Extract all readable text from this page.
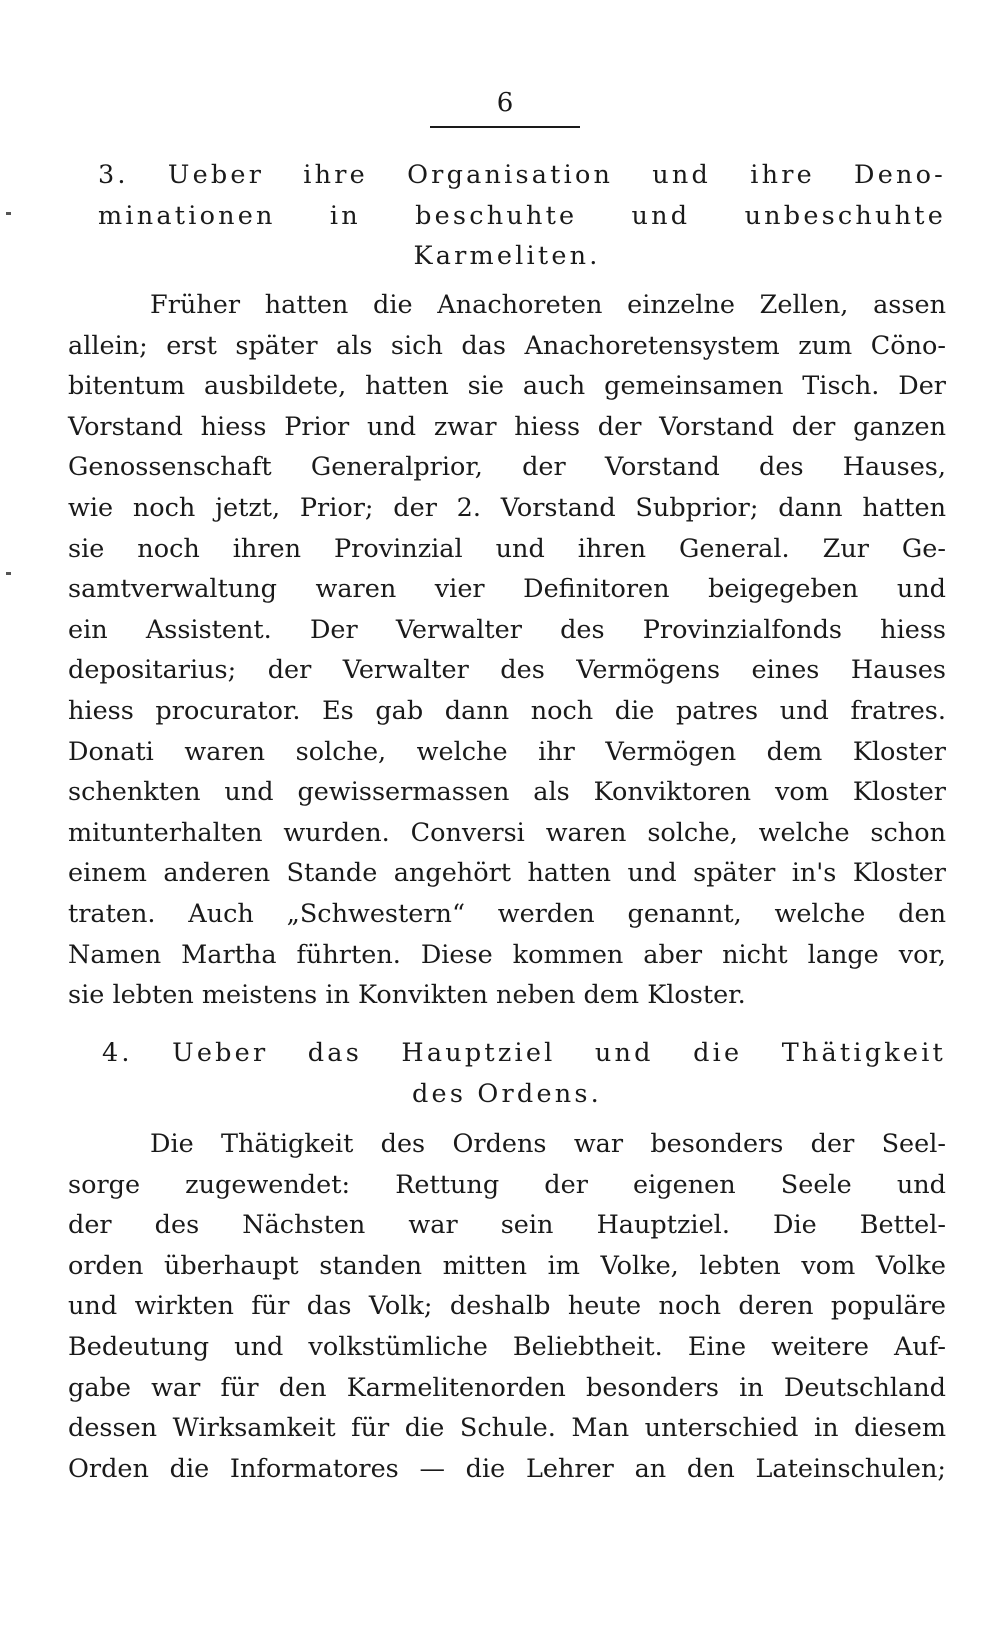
6
3. Ueber ihre Organisation und ihre Deno-
minationen in beschuhte und unbeschuhte
Karmeliten.
Früher hatten die Anachoreten einzelne Zellen, assen
allein; erst später als sich das Anachoretensystem zum Cöno-
bitentum ausbildete, hatten sie auch gemeinsamen Tisch. Der
Vorstand hiess Prior und zwar hiess der Vorstand der ganzen
Genossenschaft Generalprior, der Vorstand des Hauses,
wie noch jetzt, Prior; der 2. Vorstand Subprior; dann hatten
sie noch ihren Provinzial und ihren General. Zur Ge-
samtverwaltung waren vier Definitoren beigegeben und
ein Assistent. Der Verwalter des Provinzialfonds hiess
depositarius; der Verwalter des Vermögens eines Hauses
hiess procurator. Es gab dann noch die patres und fratres.
Donati waren solche, welche ihr Vermögen dem Kloster
schenkten und gewissermassen als Konviktoren vom Kloster
mitunterhalten wurden. Conversi waren solche, welche schon
einem anderen Stande angehört hatten und später in's Kloster
traten. Auch „Schwestern“ werden genannt, welche den
Namen Martha führten. Diese kommen aber nicht lange vor,
sie lebten meistens in Konvikten neben dem Kloster.
4. Ueber das Hauptziel und die Thätigkeit
des Ordens.
Die Thätigkeit des Ordens war besonders der Seel-
sorge zugewendet: Rettung der eigenen Seele und
der des Nächsten war sein Hauptziel. Die Bettel-
orden überhaupt standen mitten im Volke, lebten vom Volke
und wirkten für das Volk; deshalb heute noch deren populäre
Bedeutung und volkstümliche Beliebtheit. Eine weitere Auf-
gabe war für den Karmelitenorden besonders in Deutschland
dessen Wirksamkeit für die Schule. Man unterschied in diesem
Orden die Informatores — die Lehrer an den Lateinschulen;
